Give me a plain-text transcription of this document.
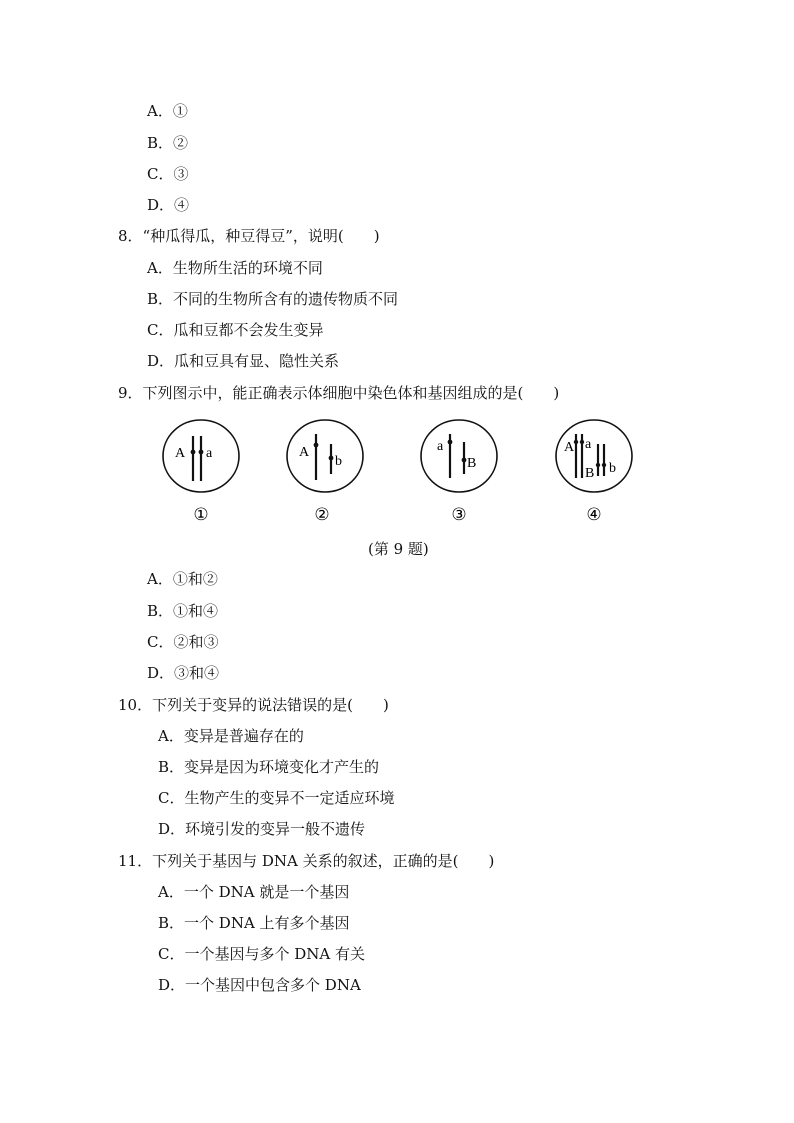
A．①
B．②
C．③
D．④
8．“种瓜得瓜，种豆得豆”，说明(　　)
A．生物所生活的环境不同
B．不同的生物所含有的遗传物质不同
C．瓜和豆都不会发生变异
D．瓜和豆具有显、隐性关系
9．下列图示中，能正确表示体细胞中染色体和基因组成的是(　　)
A a	A
b
a
B
A a
B b
①	②	③	④
(第 9 题)
A．①和②
B．①和④
C．②和③
D．③和④
10．下列关于变异的说法错误的是(　　)
A．变异是普遍存在的
B．变异是因为环境变化才产生的
C．生物产生的变异不一定适应环境
D．环境引发的变异一般不遗传
11．下列关于基因与 DNA 关系的叙述，正确的是(　　)
A．一个 DNA 就是一个基因
B．一个 DNA 上有多个基因
C．一个基因与多个 DNA 有关
D．一个基因中包含多个 DNA
